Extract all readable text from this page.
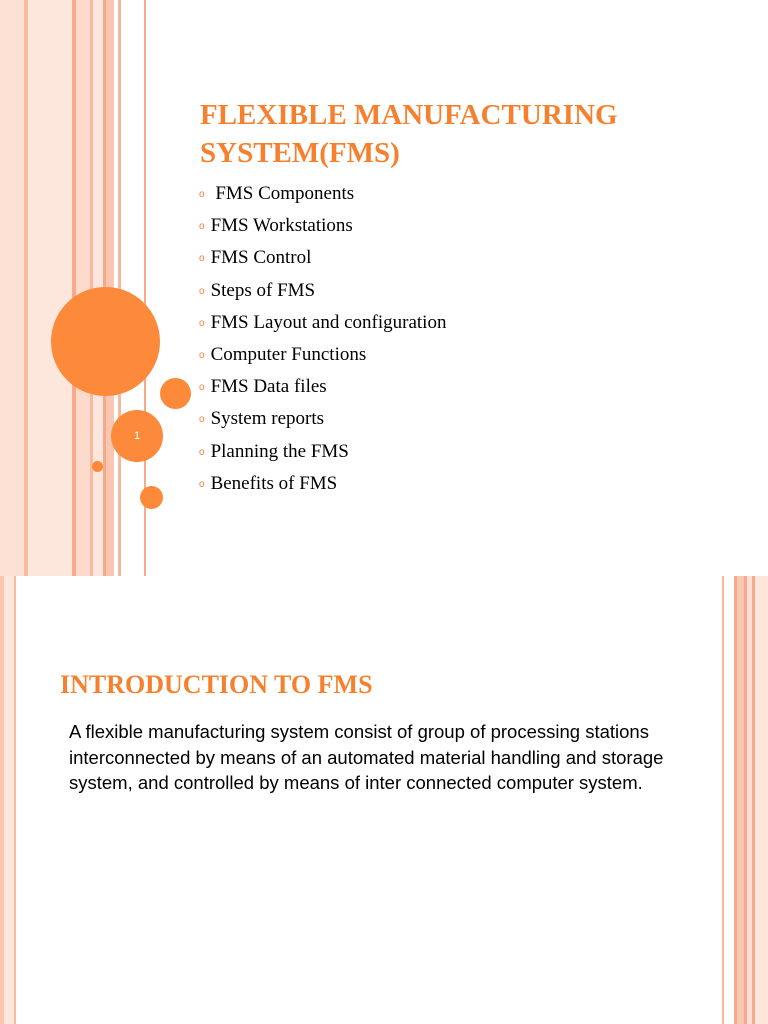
1
FLEXIBLE MANUFACTURING SYSTEM(FMS)
o FMS Components
o FMS Workstations
o FMS Control
o Steps of FMS
o FMS Layout and configuration
o Computer Functions
o FMS Data files
o System reports
o Planning the FMS
o Benefits of FMS
INTRODUCTION TO FMS

A flexible manufacturing system consist of group of processing stations interconnected by means of an automated material handling and storage system, and controlled by means of inter connected computer system.
